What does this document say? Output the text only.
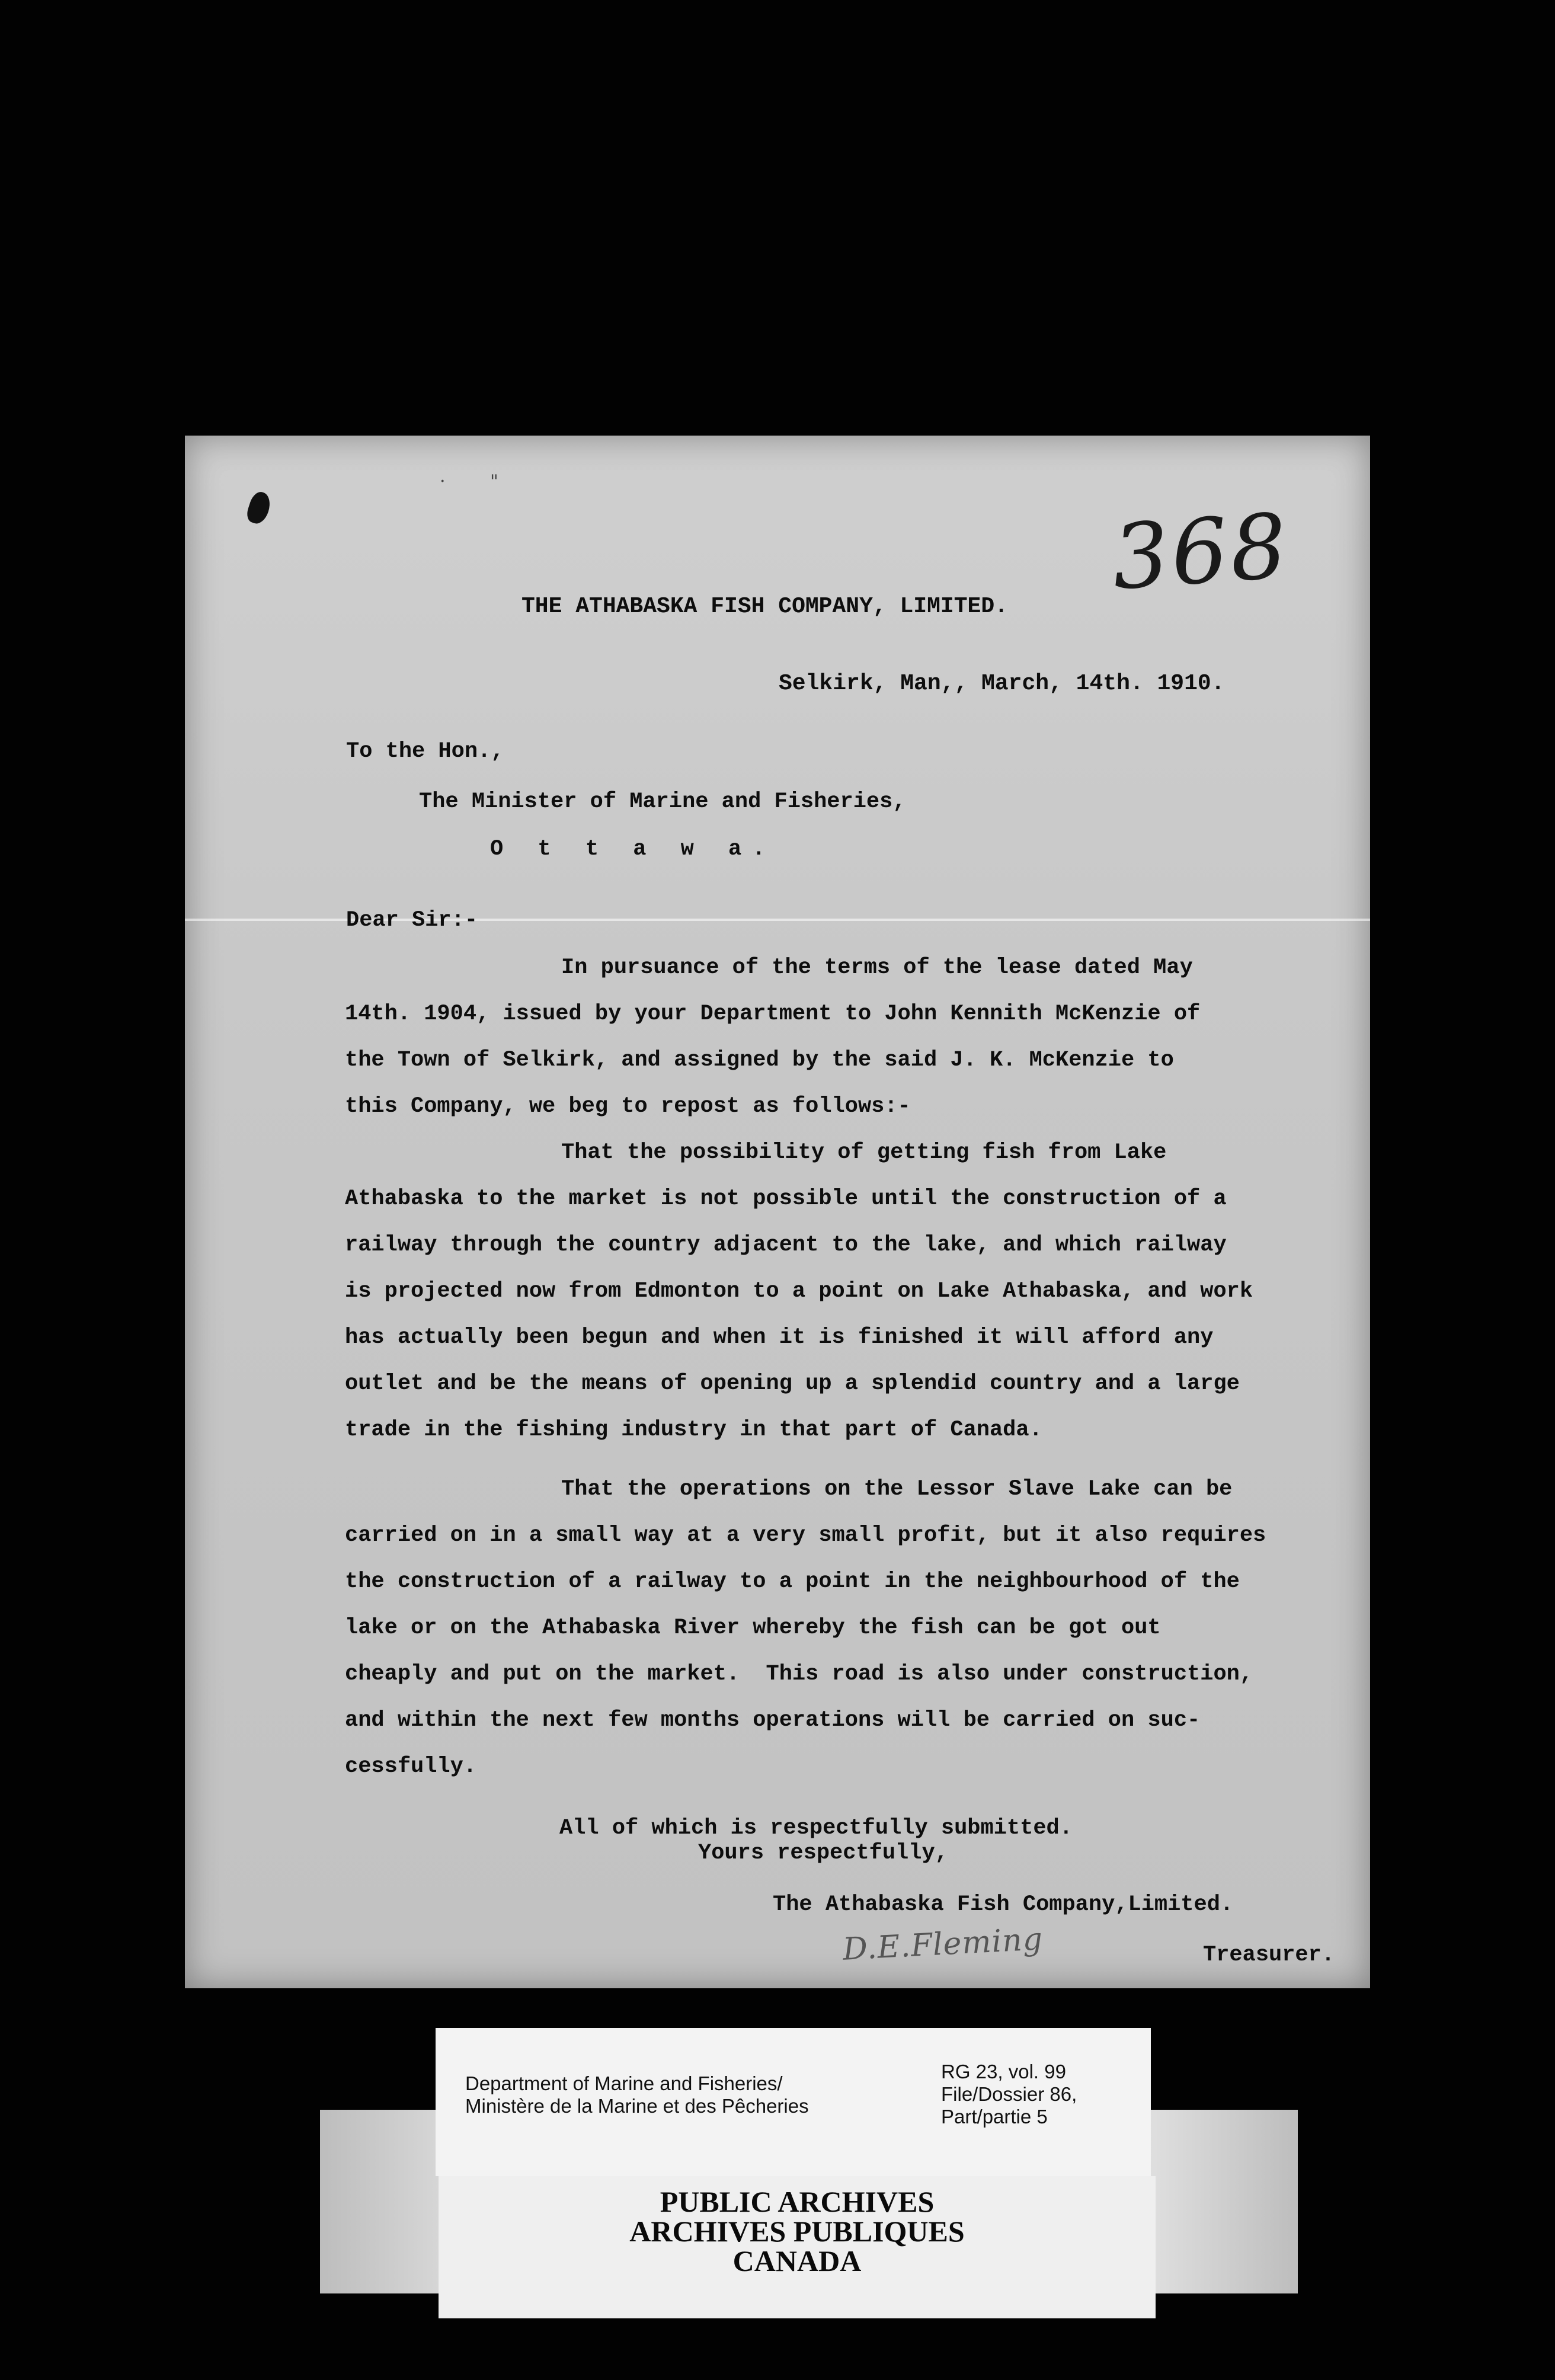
·	"
368
THE ATHABASKA FISH COMPANY, LIMITED.
Selkirk, Man,, March, 14th. 1910.
To the Hon.,
The Minister of Marine and Fisheries,
O t t a w a.
Dear Sir:-
In pursuance of the terms of the lease dated May
14th. 1904, issued by your Department to John Kennith McKenzie of
the Town of Selkirk, and assigned by the said J. K. McKenzie to
this Company, we beg to repost as follows:-
That the possibility of getting fish from Lake
Athabaska to the market is not possible until the construction of a
railway through the country adjacent to the lake, and which railway
is projected now from Edmonton to a point on Lake Athabaska, and work
has actually been begun and when it is finished it will afford any
outlet and be the means of opening up a splendid country and a large
trade in the fishing industry in that part of Canada.
That the operations on the Lessor Slave Lake can be
carried on in a small way at a very small profit, but it also requires
the construction of a railway to a point in the neighbourhood of the
lake or on the Athabaska River whereby the fish can be got out
cheaply and put on the market.  This road is also under construction,
and within the next few months operations will be carried on suc-
cessfully.
All of which is respectfully submitted.
Yours respectfully,
The Athabaska Fish Company,Limited.
D.E.Fleming	Treasurer.
Department of Marine and Fisheries/
Ministère de la Marine et des Pêcheries
RG 23, vol. 99
File/Dossier 86,
Part/partie 5
PUBLIC ARCHIVES
ARCHIVES PUBLIQUES
CANADA
